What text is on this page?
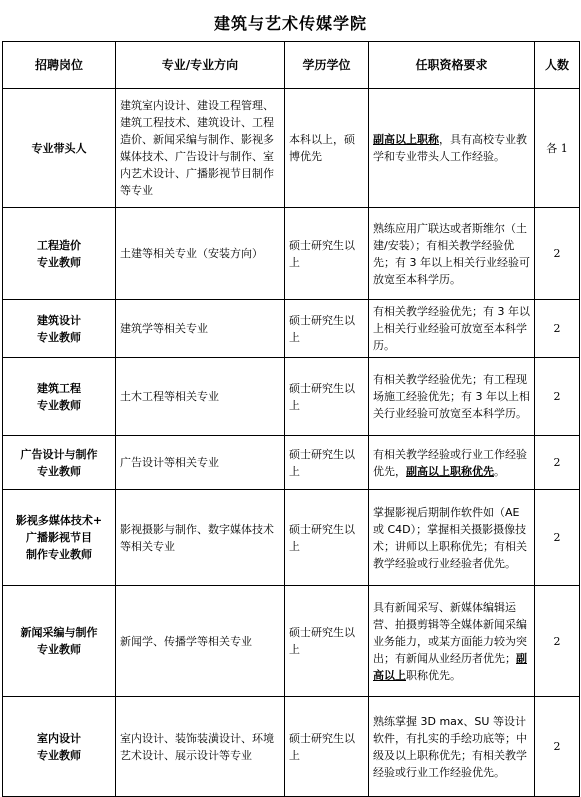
建筑与艺术传媒学院
招聘岗位	专业/专业方向	学历学位	任职资格要求	人数

专业带头人	建筑室内设计、建设工程管理、建筑工程技术、建筑设计、工程造价、新闻采编与制作、影视多媒体技术、广告设计与制作、室内艺术设计、广播影视节目制作等专业	本科以上，硕博优先	副高以上职称，具有高校专业教学和专业带头人工作经验。	各 1

工程造价
专业教师	土建等相关专业（安装方向）	硕士研究生以上	熟练应用广联达或者斯维尔（土建/安装）；有相关教学经验优先；有 3 年以上相关行业经验可放宽至本科学历。	2

建筑设计
专业教师	建筑学等相关专业	硕士研究生以上	有相关教学经验优先；有 3 年以上相关行业经验可放宽至本科学历。	2

建筑工程
专业教师	土木工程等相关专业	硕士研究生以上	有相关教学经验优先；有工程现场施工经验优先；有 3 年以上相关行业经验可放宽至本科学历。	2

广告设计与制作
专业教师	广告设计等相关专业	硕士研究生以上	有相关教学经验或行业工作经验优先，副高以上职称优先。	2

影视多媒体技术+
广播影视节目
制作专业教师	影视摄影与制作、数字媒体技术等相关专业	硕士研究生以上	掌握影视后期制作软件如（AE 或 C4D）；掌握相关摄影摄像技术；讲师以上职称优先；有相关教学经验或行业经验者优先。	2

新闻采编与制作
专业教师	新闻学、传播学等相关专业	硕士研究生以上	具有新闻采写、新媒体编辑运营、拍摄剪辑等全媒体新闻采编业务能力，或某方面能力较为突出；有新闻从业经历者优先；副高以上职称优先。	2

室内设计
专业教师	室内设计、装饰装潢设计、环境艺术设计、展示设计等专业	硕士研究生以上	熟练掌握 3D max、SU 等设计软件，有扎实的手绘功底等；中级及以上职称优先；有相关教学经验或行业工作经验优先。	2
